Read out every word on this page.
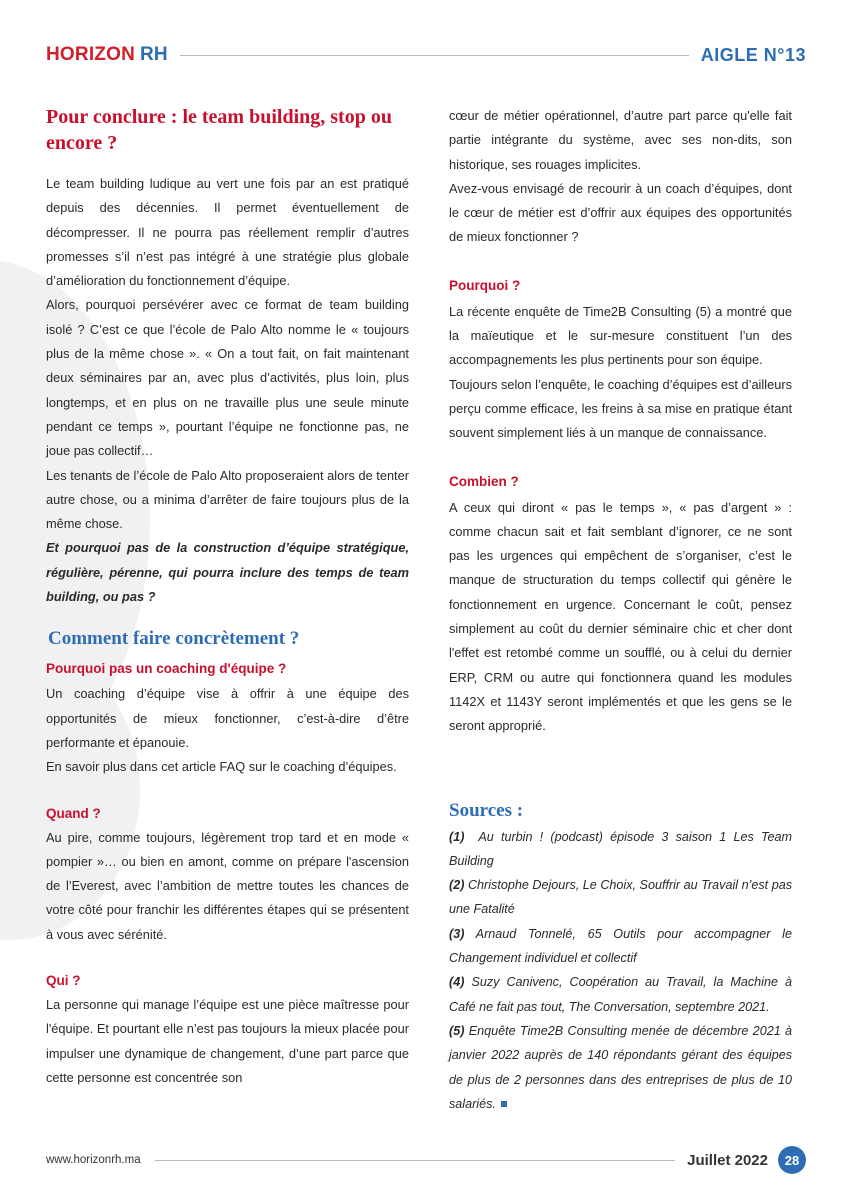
HORIZON RH	AIGLE N°13
Pour conclure : le team building, stop ou encore ?

Le team building ludique au vert une fois par an est pratiqué depuis des décennies. Il permet éventuellement de décompresser. Il ne pourra pas réellement remplir d’autres promesses s’il n’est pas intégré à une stratégie plus globale d’amélioration du fonctionnement d’équipe.

Alors, pourquoi persévérer avec ce format de team building isolé ? C’est ce que l’école de Palo Alto nomme le « toujours plus de la même chose ». « On a tout fait, on fait maintenant deux séminaires par an, avec plus d’activités, plus loin, plus longtemps, et en plus on ne travaille plus une seule minute pendant ce temps », pourtant l’équipe ne fonctionne pas, ne joue pas collectif…

Les tenants de l’école de Palo Alto proposeraient alors de tenter autre chose, ou a minima d’arrêter de faire toujours plus de la même chose.

Et pourquoi pas de la construction d’équipe stratégique, régulière, pérenne, qui pourra inclure des temps de team building, ou pas ?

Comment faire concrètement ?
Pourquoi pas un coaching d'équipe ?

Un coaching d’équipe vise à offrir à une équipe des opportunités de mieux fonctionner, c’est-à-dire d’être performante et épanouie.

En savoir plus dans cet article FAQ sur le coaching d’équipes.

Quand ?

Au pire, comme toujours, légèrement trop tard et en mode « pompier »… ou bien en amont, comme on prépare l'ascension de l’Everest, avec l’ambition de mettre toutes les chances de votre côté pour franchir les différentes étapes qui se présentent à vous avec sérénité.

Qui ?

La personne qui manage l’équipe est une pièce maîtresse pour l'équipe. Et pourtant elle n’est pas toujours la mieux placée pour impulser une dynamique de changement, d’une part parce que cette personne est concentrée son

cœur de métier opérationnel, d’autre part parce qu'elle fait partie intégrante du système, avec ses non-dits, son historique, ses rouages implicites.

Avez-vous envisagé de recourir à un coach d’équipes, dont le cœur de métier est d’offrir aux équipes des opportunités de mieux fonctionner ?

Pourquoi ?

La récente enquête de Time2B Consulting (5) a montré que la maïeutique et le sur-mesure constituent l’un des accompagnements les plus pertinents pour son équipe.

Toujours selon l’enquête, le coaching d’équipes est d’ailleurs perçu comme efficace, les freins à sa mise en pratique étant souvent simplement liés à un manque de connaissance.

Combien ?

A ceux qui diront « pas le temps », « pas d’argent » : comme chacun sait et fait semblant d’ignorer, ce ne sont pas les urgences qui empêchent de s’organiser, c’est le manque de structuration du temps collectif qui génère le fonctionnement en urgence. Concernant le coût, pensez simplement au coût du dernier séminaire chic et cher dont l'effet est retombé comme un soufflé, ou à celui du dernier ERP, CRM ou autre qui fonctionnera quand les modules 1142X et 1143Y seront implémentés et que les gens se le seront approprié.

Sources :

(1) Au turbin ! (podcast) épisode 3 saison 1 Les Team Building

(2) Christophe Dejours, Le Choix, Souffrir au Travail n’est pas une Fatalité

(3) Arnaud Tonnelé, 65 Outils pour accompagner le Changement individuel et collectif

(4) Suzy Canivenc, Coopération au Travail, la Machine à Café ne fait pas tout, The Conversation, septembre 2021.

(5) Enquête Time2B Consulting menée de décembre 2021 à janvier 2022 auprès de 140 répondants gérant des équipes de plus de 2 personnes dans des entreprises de plus de 10 salariés.

www.horizonrh.ma	Juillet 2022	28
